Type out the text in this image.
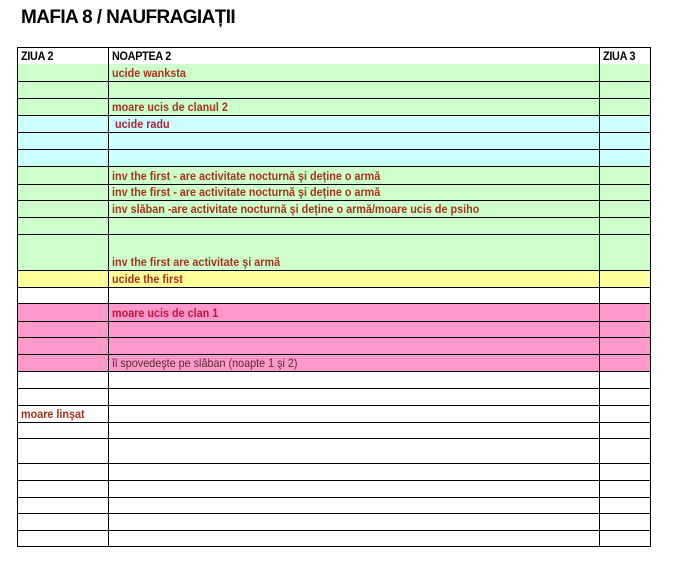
MAFIA 8 / NAUFRAGIAȚII
ZIUA 2	NOAPTEA 2	ZIUA 3
ucide wanksta
moare ucis de clanul 2
ucide radu
inv the first - are activitate nocturnă şi deține o armă
inv the first - are activitate nocturnă şi deține o armă
inv slăban -are activitate nocturnă şi deține o armă/moare ucis de psiho
inv the first are activitate şi armă
ucide the first
moare ucis de clan 1
îl spovedeşte pe slăban (noapte 1 şi 2)
moare linşat
